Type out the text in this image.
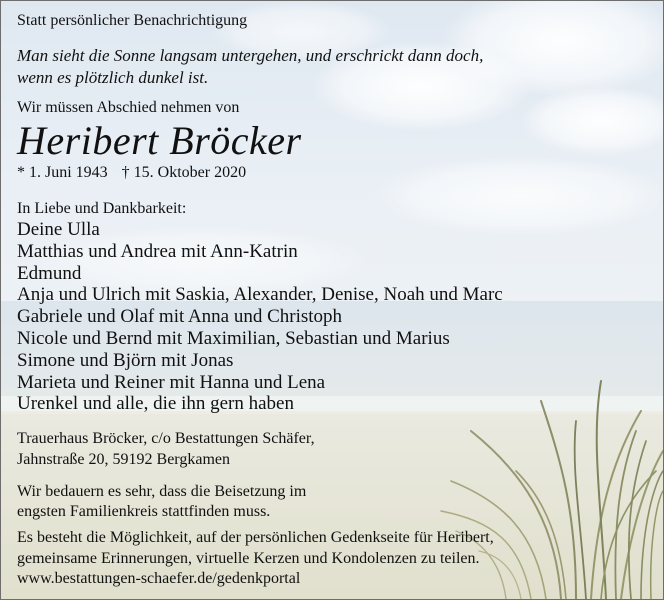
Statt persönlicher Benachrichtigung
Man sieht die Sonne langsam untergehen, und erschrickt dann doch,
wenn es plötzlich dunkel ist.
Wir müssen Abschied nehmen von
Heribert Bröcker
* 1. Juni 1943 † 15. Oktober 2020
In Liebe und Dankbarkeit:
Deine Ulla
Matthias und Andrea mit Ann-Katrin
Edmund
Anja und Ulrich mit Saskia, Alexander, Denise, Noah und Marc
Gabriele und Olaf mit Anna und Christoph
Nicole und Bernd mit Maximilian, Sebastian und Marius
Simone und Björn mit Jonas
Marieta und Reiner mit Hanna und Lena
Urenkel und alle, die ihn gern haben
Trauerhaus Bröcker, c/o Bestattungen Schäfer,
Jahnstraße 20, 59192 Bergkamen
Wir bedauern es sehr, dass die Beisetzung im
engsten Familienkreis stattfinden muss.
Es besteht die Möglichkeit, auf der persönlichen Gedenkseite für Heribert,
gemeinsame Erinnerungen, virtuelle Kerzen und Kondolenzen zu teilen.
www.bestattungen-schaefer.de/gedenkportal
